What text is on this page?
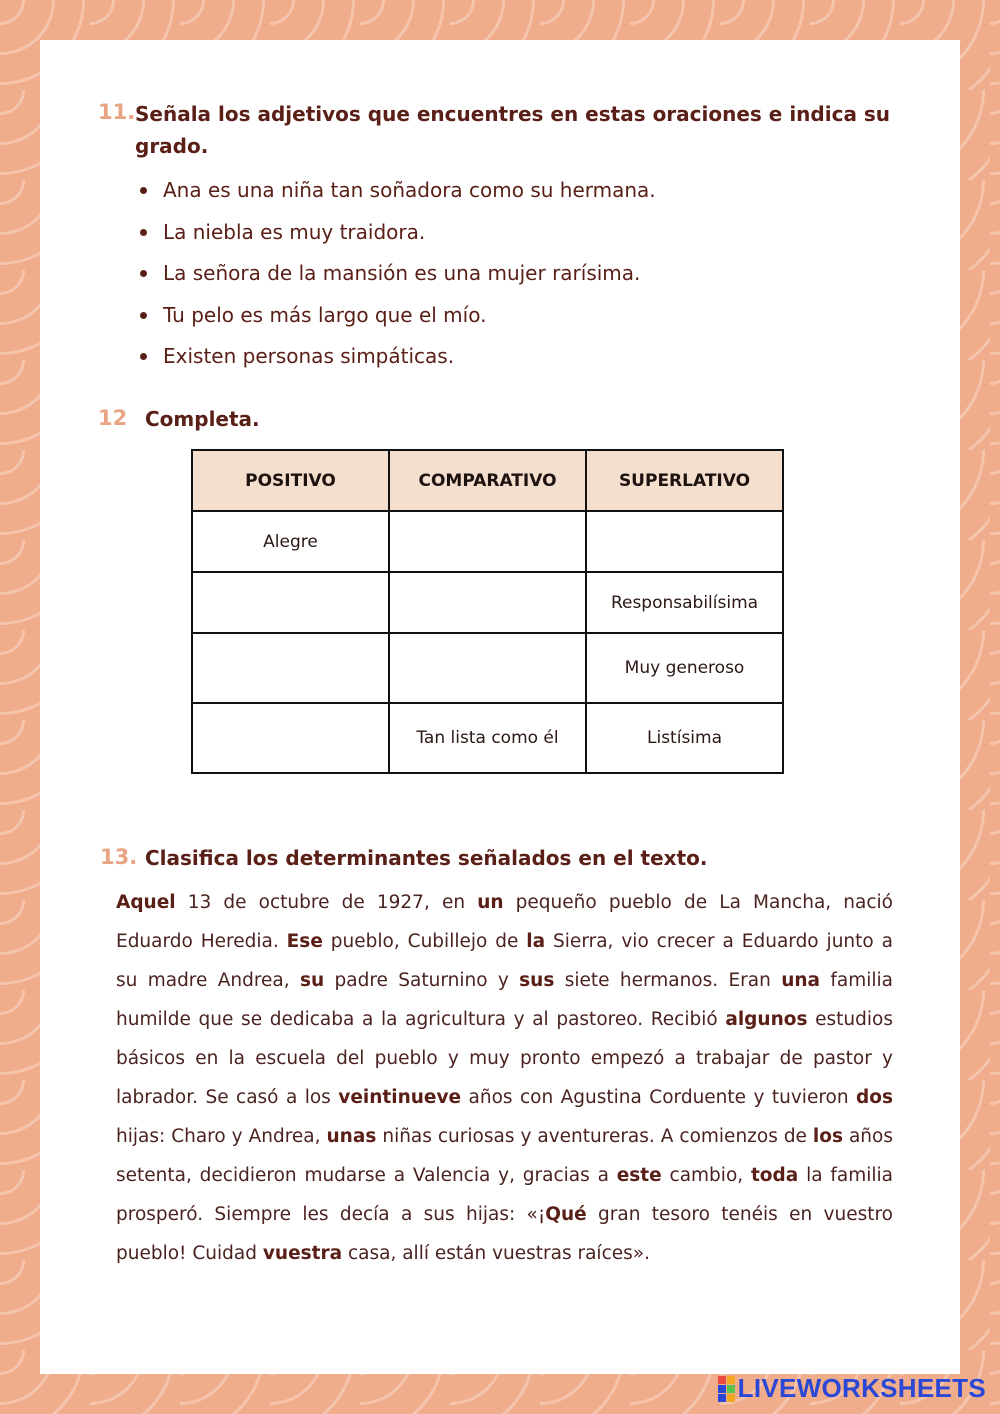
11. Señala los adjetivos que encuentres en estas oraciones e indica su
grado.
Ana es una niña tan soñadora como su hermana.
La niebla es muy traidora.
La señora de la mansión es una mujer rarísima.
Tu pelo es más largo que el mío.
Existen personas simpáticas.
12 Completa.
POSITIVO	COMPARATIVO	SUPERLATIVO
Alegre		
		Responsabilísima
		Muy generoso
	Tan lista como él	Listísima
13. Clasifica los determinantes señalados en el texto.
Aquel 13 de octubre de 1927, en un pequeño pueblo de La Mancha, nació Eduardo Heredia. Ese pueblo, Cubillejo de la Sierra, vio crecer a Eduardo junto a su madre Andrea, su padre Saturnino y sus siete hermanos. Eran una familia humilde que se dedicaba a la agricultura y al pastoreo. Recibió algunos estudios básicos en la escuela del pueblo y muy pronto empezó a trabajar de pastor y labrador. Se casó a los veintinueve años con Agustina Corduente y tuvieron dos hijas: Charo y Andrea, unas niñas curiosas y aventureras. A comienzos de los años setenta, decidieron mudarse a Valencia y, gracias a este cambio, toda la familia prosperó. Siempre les decía a sus hijas: «¡Qué gran tesoro tenéis en vuestro pueblo! Cuidad vuestra casa, allí están vuestras raíces».
LIVEWORKSHEETS
